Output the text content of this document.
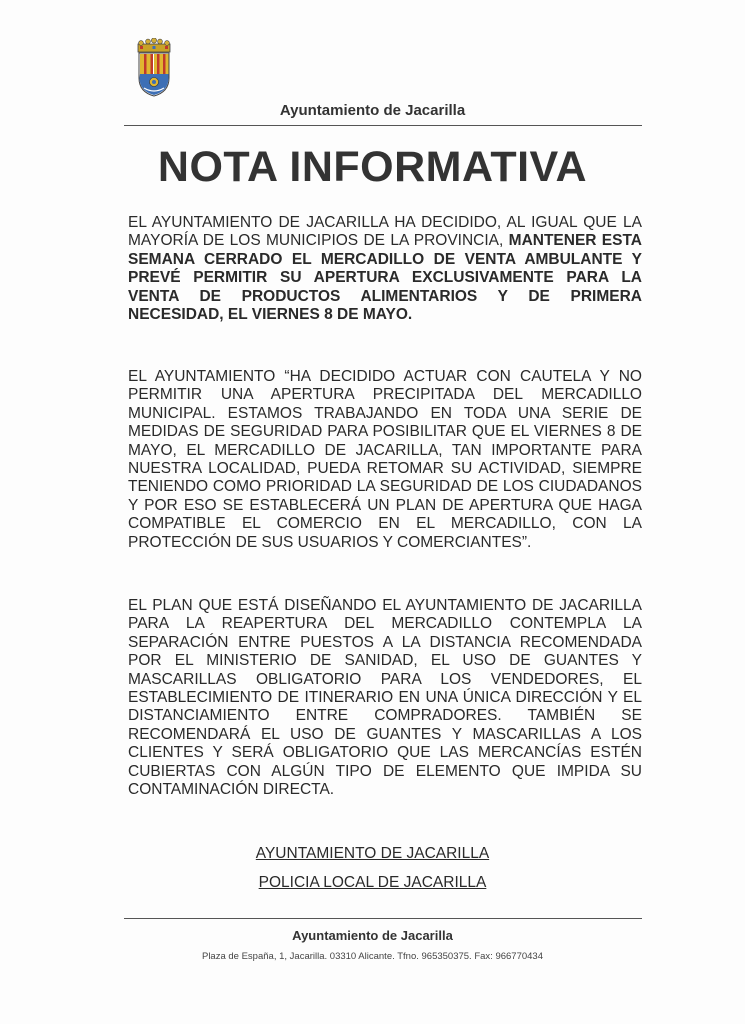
Ayuntamiento de Jacarilla
NOTA INFORMATIVA
EL AYUNTAMIENTO DE JACARILLA HA DECIDIDO, AL IGUAL QUE LA MAYORÍA DE LOS MUNICIPIOS DE LA PROVINCIA, MANTENER ESTA SEMANA CERRADO EL MERCADILLO DE VENTA AMBULANTE Y PREVÉ PERMITIR SU APERTURA EXCLUSIVAMENTE PARA LA VENTA DE PRODUCTOS ALIMENTARIOS Y DE PRIMERA NECESIDAD, EL VIERNES 8 DE MAYO.
EL AYUNTAMIENTO “HA DECIDIDO ACTUAR CON CAUTELA Y NO PERMITIR UNA APERTURA PRECIPITADA DEL MERCADILLO MUNICIPAL. ESTAMOS TRABAJANDO EN TODA UNA SERIE DE MEDIDAS DE SEGURIDAD PARA POSIBILITAR QUE EL VIERNES 8 DE MAYO, EL MERCADILLO DE JACARILLA, TAN IMPORTANTE PARA NUESTRA LOCALIDAD, PUEDA RETOMAR SU ACTIVIDAD, SIEMPRE TENIENDO COMO PRIORIDAD LA SEGURIDAD DE LOS CIUDADANOS Y POR ESO SE ESTABLECERÁ UN PLAN DE APERTURA QUE HAGA COMPATIBLE EL COMERCIO EN EL MERCADILLO, CON LA PROTECCIÓN DE SUS USUARIOS Y COMERCIANTES”.
EL PLAN QUE ESTÁ DISEÑANDO EL AYUNTAMIENTO DE JACARILLA PARA LA REAPERTURA DEL MERCADILLO CONTEMPLA LA SEPARACIÓN ENTRE PUESTOS A LA DISTANCIA RECOMENDADA POR EL MINISTERIO DE SANIDAD, EL USO DE GUANTES Y MASCARILLAS OBLIGATORIO PARA LOS VENDEDORES, EL ESTABLECIMIENTO DE ITINERARIO EN UNA ÚNICA DIRECCIÓN Y EL DISTANCIAMIENTO ENTRE COMPRADORES. TAMBIÉN SE RECOMENDARÁ EL USO DE GUANTES Y MASCARILLAS A LOS CLIENTES Y SERÁ OBLIGATORIO QUE LAS MERCANCÍAS ESTÉN CUBIERTAS CON ALGÚN TIPO DE ELEMENTO QUE IMPIDA SU CONTAMINACIÓN DIRECTA.
AYUNTAMIENTO DE JACARILLA
POLICIA LOCAL DE JACARILLA
Ayuntamiento de Jacarilla
Plaza de España, 1, Jacarilla. 03310 Alicante. Tfno. 965350375. Fax: 966770434
